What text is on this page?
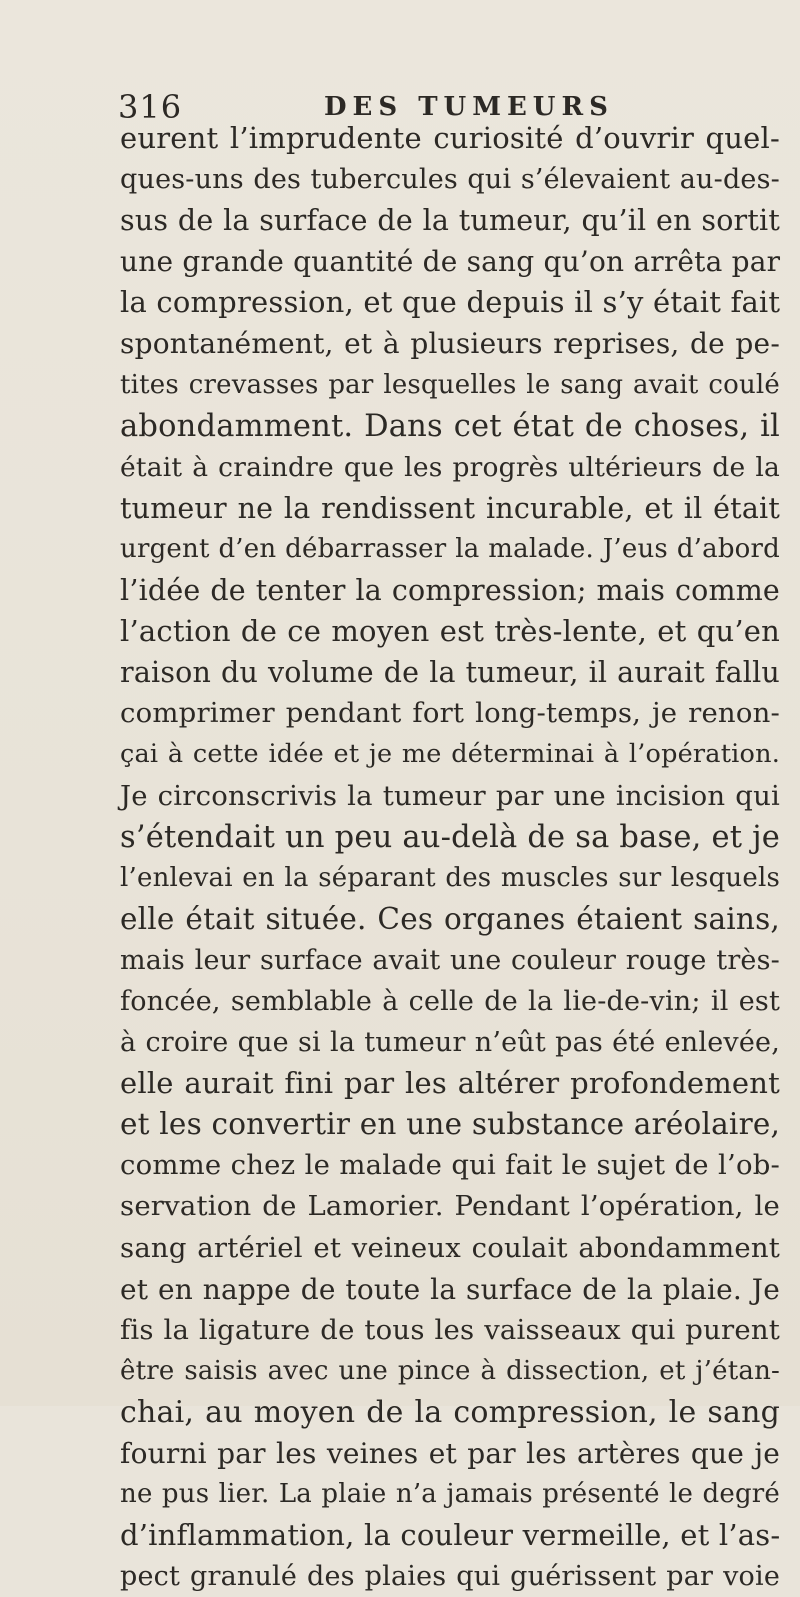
316	DES TUMEURS
eurent l’imprudente curiosité d’ouvrir quel-
ques-uns des tubercules qui s’élevaient au-des-
sus de la surface de la tumeur, qu’il en sortit
une grande quantité de sang qu’on arrêta par
la compression, et que depuis il s’y était fait
spontanément, et à plusieurs reprises, de pe-
tites crevasses par lesquelles le sang avait coulé
abondamment. Dans cet état de choses, il
était à craindre que les progrès ultérieurs de la
tumeur ne la rendissent incurable, et il était
urgent d’en débarrasser la malade. J’eus d’abord
l’idée de tenter la compression; mais comme
l’action de ce moyen est très-lente, et qu’en
raison du volume de la tumeur, il aurait fallu
comprimer pendant fort long-temps, je renon-
çai à cette idée et je me déterminai à l’opération.
Je circonscrivis la tumeur par une incision qui
s’étendait un peu au-delà de sa base, et je
l’enlevai en la séparant des muscles sur lesquels
elle était située. Ces organes étaient sains,
mais leur surface avait une couleur rouge très-
foncée, semblable à celle de la lie-de-vin; il est
à croire que si la tumeur n’eût pas été enlevée,
elle aurait fini par les altérer profondement
et les convertir en une substance aréolaire,
comme chez le malade qui fait le sujet de l’ob-
servation de Lamorier. Pendant l’opération, le
sang artériel et veineux coulait abondamment
et en nappe de toute la surface de la plaie. Je
fis la ligature de tous les vaisseaux qui purent
être saisis avec une pince à dissection, et j’étan-
chai, au moyen de la compression, le sang
fourni par les veines et par les artères que je
ne pus lier. La plaie n’a jamais présenté le degré
d’inflammation, la couleur vermeille, et l’as-
pect granulé des plaies qui guérissent par voie
